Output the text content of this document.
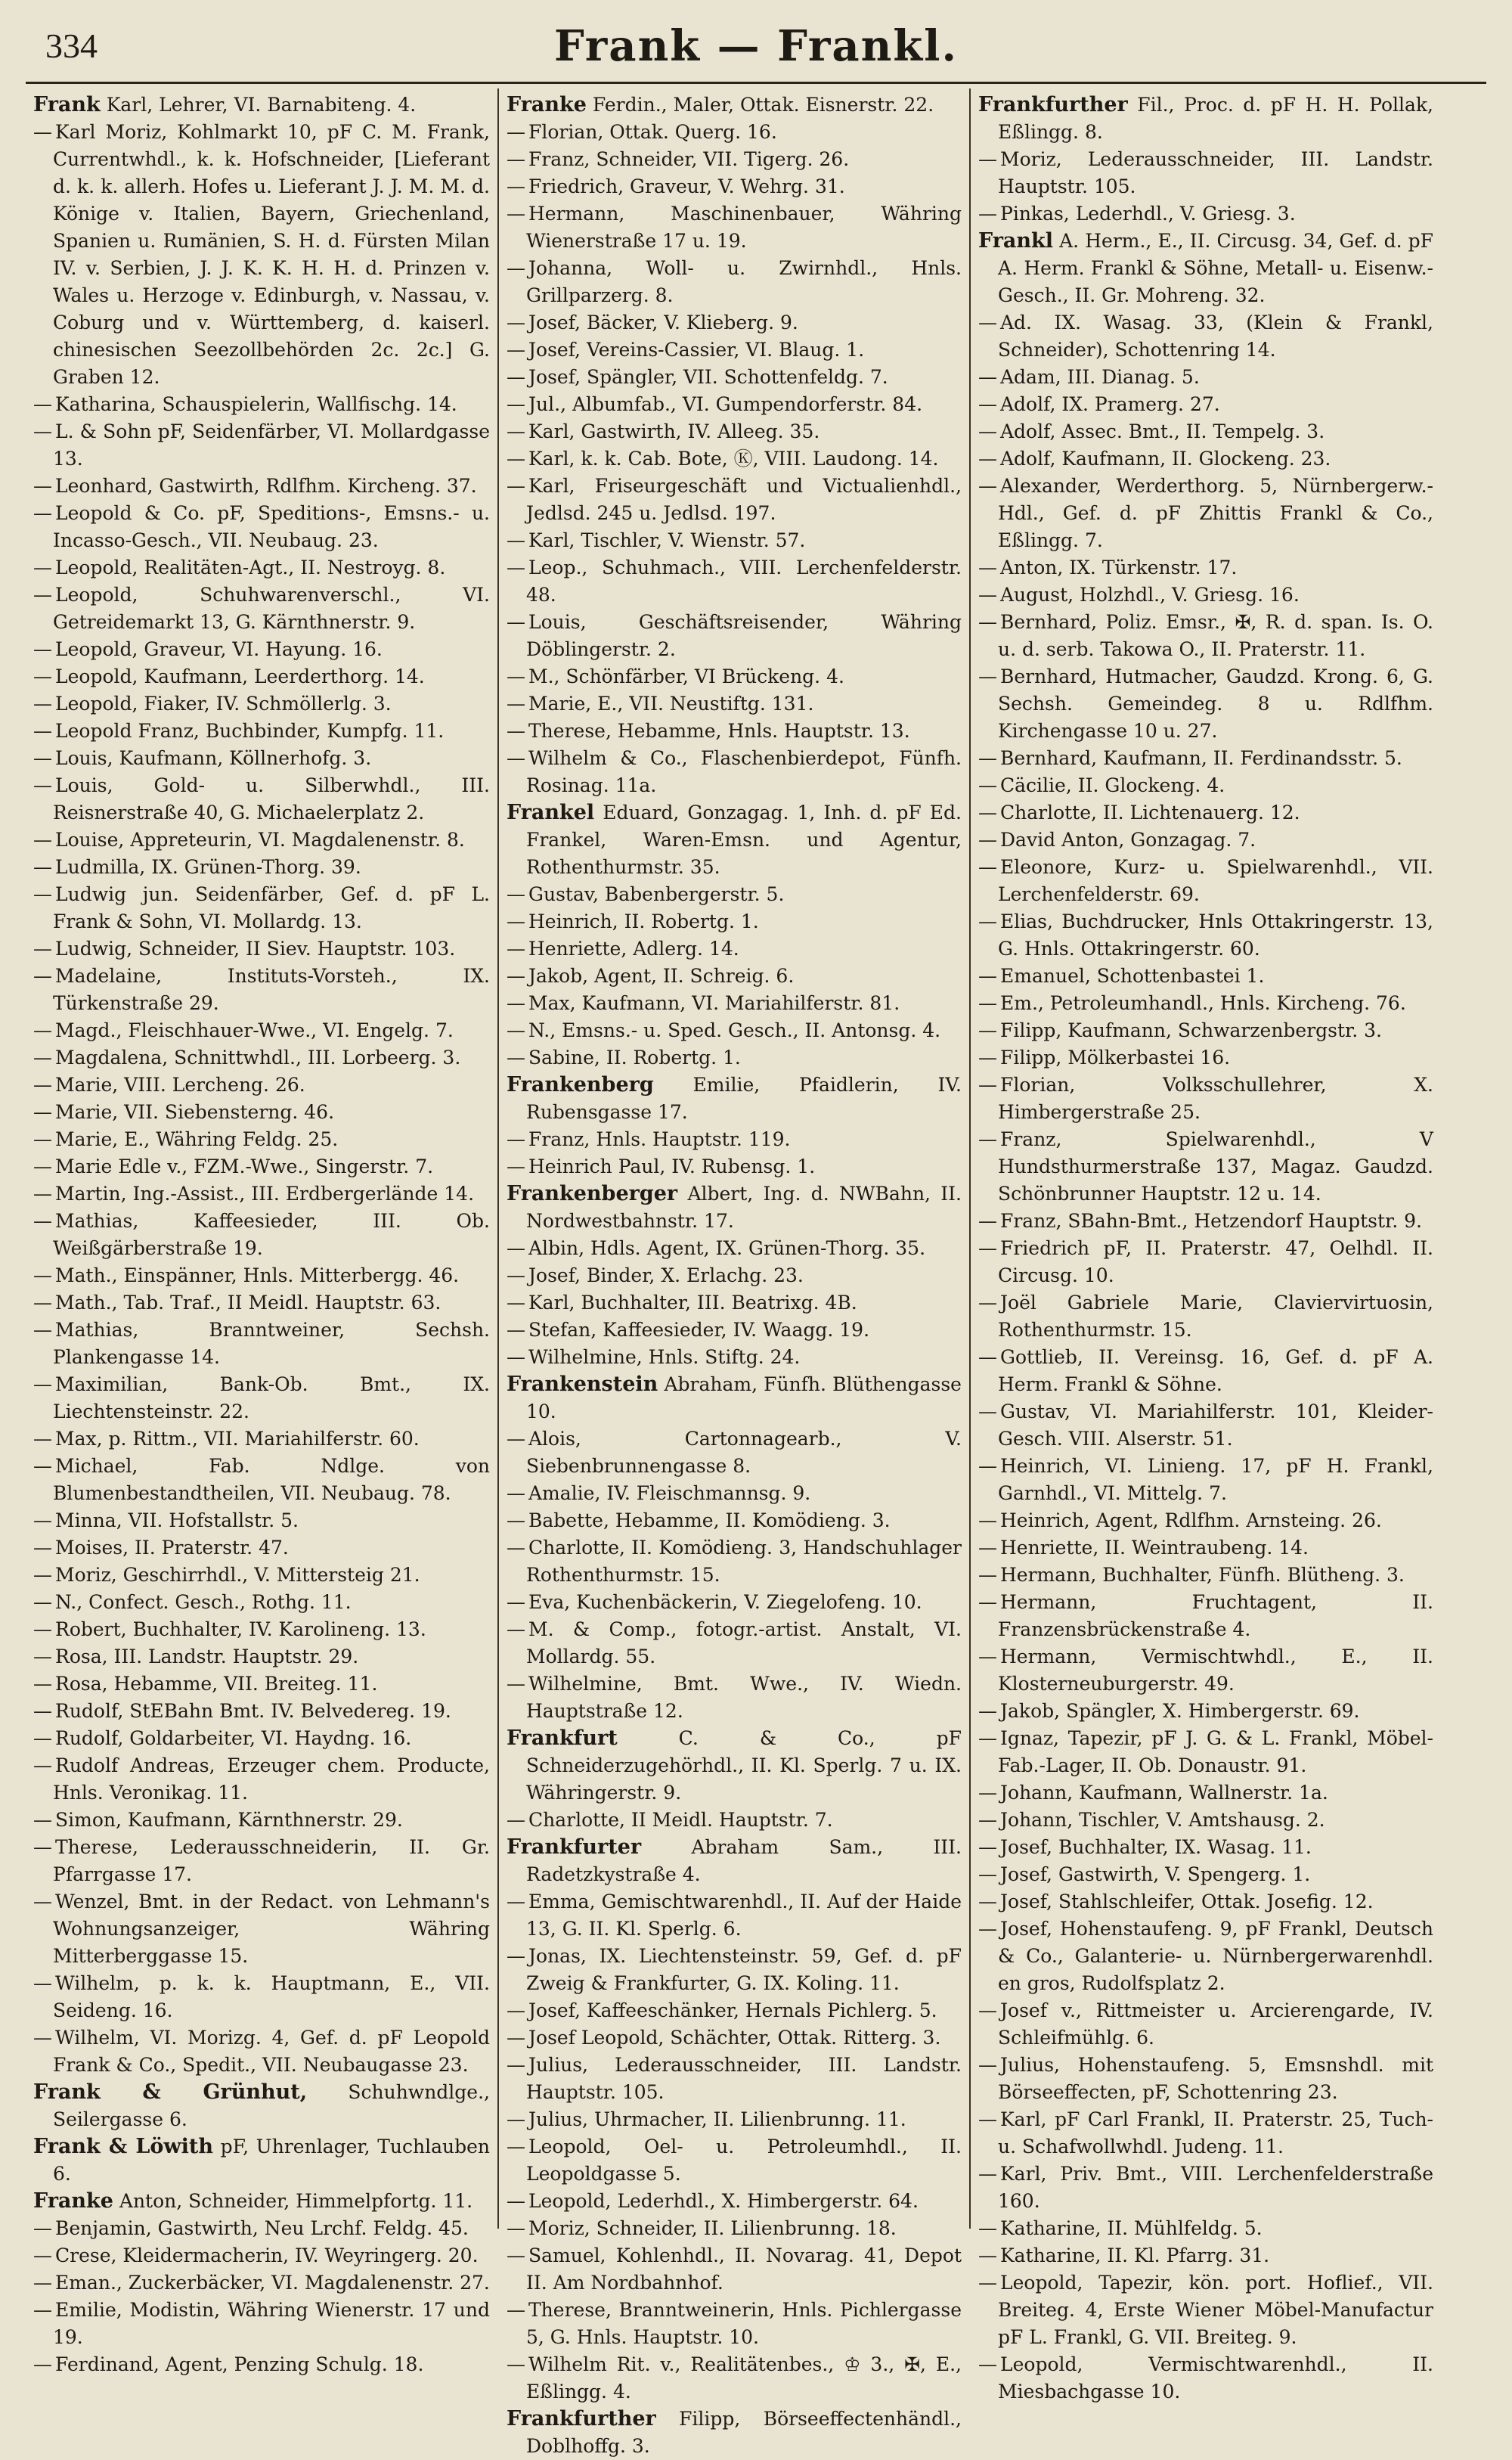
334	Frank — Frankl.

Frank Karl, Lehrer, VI. Barnabiteng. 4.

— Karl Moriz, Kohlmarkt 10, pF C. M. Frank, Currentwhdl., k. k. Hofschneider, [Lieferant d. k. k. allerh. Hofes u. Lieferant J. J. M. M. d. Könige v. Italien, Bayern, Griechenland, Spanien u. Rumänien, S. H. d. Fürsten Milan IV. v. Serbien, J. J. K. K. H. H. d. Prinzen v. Wales u. Herzoge v. Edinburgh, v. Nassau, v. Coburg und v. Württemberg, d. kaiserl. chinesischen Seezollbehörden 2c. 2c.] G. Graben 12.

— Katharina, Schauspielerin, Wallfischg. 14.

— L. & Sohn pF, Seidenfärber, VI. Mollardgasse 13.

— Leonhard, Gastwirth, Rdlfhm. Kircheng. 37.

— Leopold & Co. pF, Speditions-, Emsns.- u. Incasso-Gesch., VII. Neubaug. 23.

— Leopold, Realitäten-Agt., II. Nestroyg. 8.

— Leopold, Schuhwarenverschl., VI. Getreidemarkt 13, G. Kärnthnerstr. 9.

— Leopold, Graveur, VI. Hayung. 16.

— Leopold, Kaufmann, Leerderthorg. 14.

— Leopold, Fiaker, IV. Schmöllerlg. 3.

— Leopold Franz, Buchbinder, Kumpfg. 11.

— Louis, Kaufmann, Köllnerhofg. 3.

— Louis, Gold- u. Silberwhdl., III. Reisnerstraße 40, G. Michaelerplatz 2.

— Louise, Appreteurin, VI. Magdalenenstr. 8.

— Ludmilla, IX. Grünen-Thorg. 39.

— Ludwig jun. Seidenfärber, Gef. d. pF L. Frank & Sohn, VI. Mollardg. 13.

— Ludwig, Schneider, II Siev. Hauptstr. 103.

— Madelaine, Instituts-Vorsteh., IX. Türkenstraße 29.

— Magd., Fleischhauer-Wwe., VI. Engelg. 7.

— Magdalena, Schnittwhdl., III. Lorbeerg. 3.

— Marie, VIII. Lercheng. 26.

— Marie, VII. Siebensterng. 46.

— Marie, E., Währing Feldg. 25.

— Marie Edle v., FZM.-Wwe., Singerstr. 7.

— Martin, Ing.-Assist., III. Erdbergerlände 14.

— Mathias, Kaffeesieder, III. Ob. Weißgärberstraße 19.

— Math., Einspänner, Hnls. Mitterbergg. 46.

— Math., Tab. Traf., II Meidl. Hauptstr. 63.

— Mathias, Branntweiner, Sechsh. Plankengasse 14.

— Maximilian, Bank-Ob. Bmt., IX. Liechtensteinstr. 22.

— Max, p. Rittm., VII. Mariahilferstr. 60.

— Michael, Fab. Ndlge. von Blumenbestandtheilen, VII. Neubaug. 78.

— Minna, VII. Hofstallstr. 5.

— Moises, II. Praterstr. 47.

— Moriz, Geschirrhdl., V. Mittersteig 21.

— N., Confect. Gesch., Rothg. 11.

— Robert, Buchhalter, IV. Karolineng. 13.

— Rosa, III. Landstr. Hauptstr. 29.

— Rosa, Hebamme, VII. Breiteg. 11.

— Rudolf, StEBahn Bmt. IV. Belvedereg. 19.

— Rudolf, Goldarbeiter, VI. Haydng. 16.

— Rudolf Andreas, Erzeuger chem. Producte, Hnls. Veronikag. 11.

— Simon, Kaufmann, Kärnthnerstr. 29.

— Therese, Lederausschneiderin, II. Gr. Pfarrgasse 17.

— Wenzel, Bmt. in der Redact. von Lehmann's Wohnungsanzeiger, Währing Mitterberggasse 15.

— Wilhelm, p. k. k. Hauptmann, E., VII. Seideng. 16.

— Wilhelm, VI. Morizg. 4, Gef. d. pF Leopold Frank & Co., Spedit., VII. Neubaugasse 23.

Frank & Grünhut, Schuhwndlge., Seilergasse 6.

Frank & Löwith pF, Uhrenlager, Tuchlauben 6.

Franke Anton, Schneider, Himmelpfortg. 11.

— Benjamin, Gastwirth, Neu Lrchf. Feldg. 45.

— Crese, Kleidermacherin, IV. Weyringerg. 20.

— Eman., Zuckerbäcker, VI. Magdalenenstr. 27.

— Emilie, Modistin, Währing Wienerstr. 17 und 19.

— Ferdinand, Agent, Penzing Schulg. 18.

Franke Ferdin., Maler, Ottak. Eisnerstr. 22.

— Florian, Ottak. Querg. 16.

— Franz, Schneider, VII. Tigerg. 26.

— Friedrich, Graveur, V. Wehrg. 31.

— Hermann, Maschinenbauer, Währing Wienerstraße 17 u. 19.

— Johanna, Woll- u. Zwirnhdl., Hnls. Grillparzerg. 8.

— Josef, Bäcker, V. Klieberg. 9.

— Josef, Vereins-Cassier, VI. Blaug. 1.

— Josef, Spängler, VII. Schottenfeldg. 7.

— Jul., Albumfab., VI. Gumpendorferstr. 84.

— Karl, Gastwirth, IV. Alleeg. 35.

— Karl, k. k. Cab. Bote, Ⓚ, VIII. Laudong. 14.

— Karl, Friseurgeschäft und Victualienhdl., Jedlsd. 245 u. Jedlsd. 197.

— Karl, Tischler, V. Wienstr. 57.

— Leop., Schuhmach., VIII. Lerchenfelderstr. 48.

— Louis, Geschäftsreisender, Währing Döblingerstr. 2.

— M., Schönfärber, VI Brückeng. 4.

— Marie, E., VII. Neustiftg. 131.

— Therese, Hebamme, Hnls. Hauptstr. 13.

— Wilhelm & Co., Flaschenbierdepot, Fünfh. Rosinag. 11a.

Frankel Eduard, Gonzagag. 1, Inh. d. pF Ed. Frankel, Waren-Emsn. und Agentur, Rothenthurmstr. 35.

— Gustav, Babenbergerstr. 5.

— Heinrich, II. Robertg. 1.

— Henriette, Adlerg. 14.

— Jakob, Agent, II. Schreig. 6.

— Max, Kaufmann, VI. Mariahilferstr. 81.

— N., Emsns.- u. Sped. Gesch., II. Antonsg. 4.

— Sabine, II. Robertg. 1.

Frankenberg Emilie, Pfaidlerin, IV. Rubensgasse 17.

— Franz, Hnls. Hauptstr. 119.

— Heinrich Paul, IV. Rubensg. 1.

Frankenberger Albert, Ing. d. NWBahn, II. Nordwestbahnstr. 17.

— Albin, Hdls. Agent, IX. Grünen-Thorg. 35.

— Josef, Binder, X. Erlachg. 23.

— Karl, Buchhalter, III. Beatrixg. 4B.

— Stefan, Kaffeesieder, IV. Waagg. 19.

— Wilhelmine, Hnls. Stiftg. 24.

Frankenstein Abraham, Fünfh. Blüthengasse 10.

— Alois, Cartonnagearb., V. Siebenbrunnengasse 8.

— Amalie, IV. Fleischmannsg. 9.

— Babette, Hebamme, II. Komödieng. 3.

— Charlotte, II. Komödieng. 3, Handschuhlager Rothenthurmstr. 15.

— Eva, Kuchenbäckerin, V. Ziegelofeng. 10.

— M. & Comp., fotogr.-artist. Anstalt, VI. Mollardg. 55.

— Wilhelmine, Bmt. Wwe., IV. Wiedn. Hauptstraße 12.

Frankfurt	C. & Co., pF Schneiderzugehörhdl., II. Kl. Sperlg. 7 u. IX. Währingerstr. 9.

— Charlotte, II Meidl. Hauptstr. 7.

Frankfurter	Abraham Sam., III. Radetzkystraße 4.

— Emma, Gemischtwarenhdl., II. Auf der Haide 13, G. II. Kl. Sperlg. 6.

— Jonas, IX. Liechtensteinstr. 59, Gef. d. pF Zweig & Frankfurter, G. IX. Koling. 11.

— Josef, Kaffeeschänker, Hernals Pichlerg. 5.

— Josef Leopold, Schächter, Ottak. Ritterg. 3.

— Julius, Lederausschneider, III. Landstr. Hauptstr. 105.

— Julius, Uhrmacher, II. Lilienbrunng. 11.

— Leopold, Oel- u. Petroleumhdl., II. Leopoldgasse 5.

— Leopold, Lederhdl., X. Himbergerstr. 64.

— Moriz, Schneider, II. Lilienbrunng. 18.

— Samuel, Kohlenhdl., II. Novarag. 41, Depot II. Am Nordbahnhof.

— Therese, Branntweinerin, Hnls. Pichlergasse 5, G. Hnls. Hauptstr. 10.

— Wilhelm Rit. v., Realitätenbes., ♔ 3., ✠, E., Eßlingg. 4.

Frankfurther Filipp, Börseeffectenhändl., Doblhoffg. 3.

Frankfurther Fil., Proc. d. pF H. H. Pollak, Eßlingg. 8.

— Moriz, Lederausschneider, III. Landstr. Hauptstr. 105.

— Pinkas, Lederhdl., V. Griesg. 3.

Frankl A. Herm., E., II. Circusg. 34, Gef. d. pF A. Herm. Frankl & Söhne, Metall- u. Eisenw.-Gesch., II. Gr. Mohreng. 32.

— Ad. IX. Wasag. 33, (Klein & Frankl, Schneider), Schottenring 14.

— Adam, III. Dianag. 5.

— Adolf, IX. Pramerg. 27.

— Adolf, Assec. Bmt., II. Tempelg. 3.

— Adolf, Kaufmann, II. Glockeng. 23.

— Alexander, Werderthorg. 5, Nürnbergerw.-Hdl., Gef. d. pF Zhittis Frankl & Co., Eßlingg. 7.

— Anton, IX. Türkenstr. 17.

— August, Holzhdl., V. Griesg. 16.

— Bernhard, Poliz. Emsr., ✠, R. d. span. Is. O. u. d. serb. Takowa O., II. Praterstr. 11.

— Bernhard, Hutmacher, Gaudzd. Krong. 6, G. Sechsh. Gemeindeg. 8 u. Rdlfhm. Kirchengasse 10 u. 27.

— Bernhard, Kaufmann, II. Ferdinandsstr. 5.

— Cäcilie, II. Glockeng. 4.

— Charlotte, II. Lichtenauerg. 12.

— David Anton, Gonzagag. 7.

— Eleonore, Kurz- u. Spielwarenhdl., VII. Lerchenfelderstr. 69.

— Elias, Buchdrucker, Hnls Ottakringerstr. 13, G. Hnls. Ottakringerstr. 60.

— Emanuel, Schottenbastei 1.

— Em., Petroleumhandl., Hnls. Kircheng. 76.

— Filipp, Kaufmann, Schwarzenbergstr. 3.

— Filipp, Mölkerbastei 16.

— Florian, Volksschullehrer, X. Himbergerstraße 25.

— Franz, Spielwarenhdl., V Hundsthurmerstraße 137, Magaz. Gaudzd. Schönbrunner Hauptstr. 12 u. 14.

— Franz, SBahn-Bmt., Hetzendorf Hauptstr. 9.

— Friedrich pF, II. Praterstr. 47, Oelhdl. II. Circusg. 10.

— Joël Gabriele Marie, Claviervirtuosin, Rothenthurmstr. 15.

— Gottlieb, II. Vereinsg. 16, Gef. d. pF A. Herm. Frankl & Söhne.

— Gustav, VI. Mariahilferstr. 101, Kleider-Gesch. VIII. Alserstr. 51.

— Heinrich, VI. Linieng. 17, pF H. Frankl, Garnhdl., VI. Mittelg. 7.

— Heinrich, Agent, Rdlfhm. Arnsteing. 26.

— Henriette, II. Weintraubeng. 14.

— Hermann, Buchhalter, Fünfh. Blütheng. 3.

— Hermann, Fruchtagent, II. Franzensbrückenstraße 4.

— Hermann, Vermischtwhdl., E., II. Klosterneuburgerstr. 49.

— Jakob, Spängler, X. Himbergerstr. 69.

— Ignaz, Tapezir, pF J. G. & L. Frankl, Möbel-Fab.-Lager, II. Ob. Donaustr. 91.

— Johann, Kaufmann, Wallnerstr. 1a.

— Johann, Tischler, V. Amtshausg. 2.

— Josef, Buchhalter, IX. Wasag. 11.

— Josef, Gastwirth, V. Spengerg. 1.

— Josef, Stahlschleifer, Ottak. Josefig. 12.

— Josef, Hohenstaufeng. 9, pF Frankl, Deutsch & Co., Galanterie- u. Nürnbergerwarenhdl. en gros, Rudolfsplatz 2.

— Josef v., Rittmeister u. Arcierengarde, IV. Schleifmühlg. 6.

— Julius, Hohenstaufeng. 5, Emsnshdl. mit Börseeffecten, pF, Schottenring 23.

— Karl, pF Carl Frankl, II. Praterstr. 25, Tuch- u. Schafwollwhdl. Judeng. 11.

— Karl, Priv. Bmt., VIII. Lerchenfelderstraße 160.

— Katharine, II. Mühlfeldg. 5.

— Katharine, II. Kl. Pfarrg. 31.

— Leopold, Tapezir, kön. port. Hoflief., VII. Breiteg. 4, Erste Wiener Möbel-Manufactur pF L. Frankl, G. VII. Breiteg. 9.

— Leopold, Vermischtwarenhdl., II. Miesbachgasse 10.
